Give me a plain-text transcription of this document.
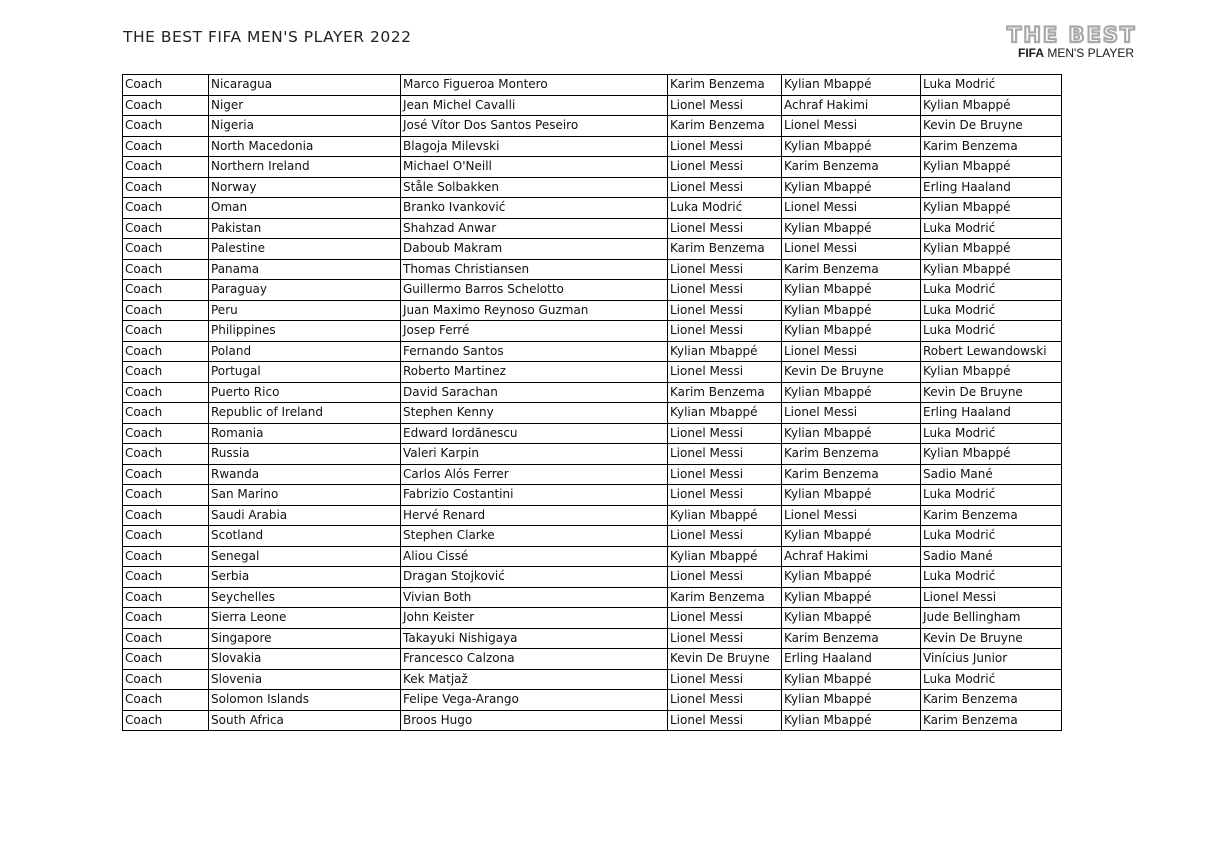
THE BEST FIFA MEN'S PLAYER 2022	THE BEST
FIFA MEN'S PLAYER
Coach	Nicaragua	Marco Figueroa Montero	Karim Benzema	Kylian Mbappé	Luka Modrić
Coach	Niger	Jean Michel Cavalli	Lionel Messi	Achraf Hakimi	Kylian Mbappé
Coach	Nigeria	José Vítor Dos Santos Peseiro	Karim Benzema	Lionel Messi	Kevin De Bruyne
Coach	North Macedonia	Blagoja Milevski	Lionel Messi	Kylian Mbappé	Karim Benzema
Coach	Northern Ireland	Michael O'Neill	Lionel Messi	Karim Benzema	Kylian Mbappé
Coach	Norway	Ståle Solbakken	Lionel Messi	Kylian Mbappé	Erling Haaland
Coach	Oman	Branko Ivanković	Luka Modrić	Lionel Messi	Kylian Mbappé
Coach	Pakistan	Shahzad Anwar	Lionel Messi	Kylian Mbappé	Luka Modrić
Coach	Palestine	Daboub Makram	Karim Benzema	Lionel Messi	Kylian Mbappé
Coach	Panama	Thomas Christiansen	Lionel Messi	Karim Benzema	Kylian Mbappé
Coach	Paraguay	Guillermo Barros Schelotto	Lionel Messi	Kylian Mbappé	Luka Modrić
Coach	Peru	Juan Maximo Reynoso Guzman	Lionel Messi	Kylian Mbappé	Luka Modrić
Coach	Philippines	Josep Ferré	Lionel Messi	Kylian Mbappé	Luka Modrić
Coach	Poland	Fernando Santos	Kylian Mbappé	Lionel Messi	Robert Lewandowski
Coach	Portugal	Roberto Martinez	Lionel Messi	Kevin De Bruyne	Kylian Mbappé
Coach	Puerto Rico	David Sarachan	Karim Benzema	Kylian Mbappé	Kevin De Bruyne
Coach	Republic of Ireland	Stephen Kenny	Kylian Mbappé	Lionel Messi	Erling Haaland
Coach	Romania	Edward Iordănescu	Lionel Messi	Kylian Mbappé	Luka Modrić
Coach	Russia	Valeri Karpin	Lionel Messi	Karim Benzema	Kylian Mbappé
Coach	Rwanda	Carlos Alós Ferrer	Lionel Messi	Karim Benzema	Sadio Mané
Coach	San Marino	Fabrizio Costantini	Lionel Messi	Kylian Mbappé	Luka Modrić
Coach	Saudi Arabia	Hervé Renard	Kylian Mbappé	Lionel Messi	Karim Benzema
Coach	Scotland	Stephen Clarke	Lionel Messi	Kylian Mbappé	Luka Modrić
Coach	Senegal	Aliou Cissé	Kylian Mbappé	Achraf Hakimi	Sadio Mané
Coach	Serbia	Dragan Stojković	Lionel Messi	Kylian Mbappé	Luka Modrić
Coach	Seychelles	Vivian Both	Karim Benzema	Kylian Mbappé	Lionel Messi
Coach	Sierra Leone	John Keister	Lionel Messi	Kylian Mbappé	Jude Bellingham
Coach	Singapore	Takayuki Nishigaya	Lionel Messi	Karim Benzema	Kevin De Bruyne
Coach	Slovakia	Francesco Calzona	Kevin De Bruyne	Erling Haaland	Vinícius Junior
Coach	Slovenia	Kek Matjaž	Lionel Messi	Kylian Mbappé	Luka Modrić
Coach	Solomon Islands	Felipe Vega-Arango	Lionel Messi	Kylian Mbappé	Karim Benzema
Coach	South Africa	Broos Hugo	Lionel Messi	Kylian Mbappé	Karim Benzema
